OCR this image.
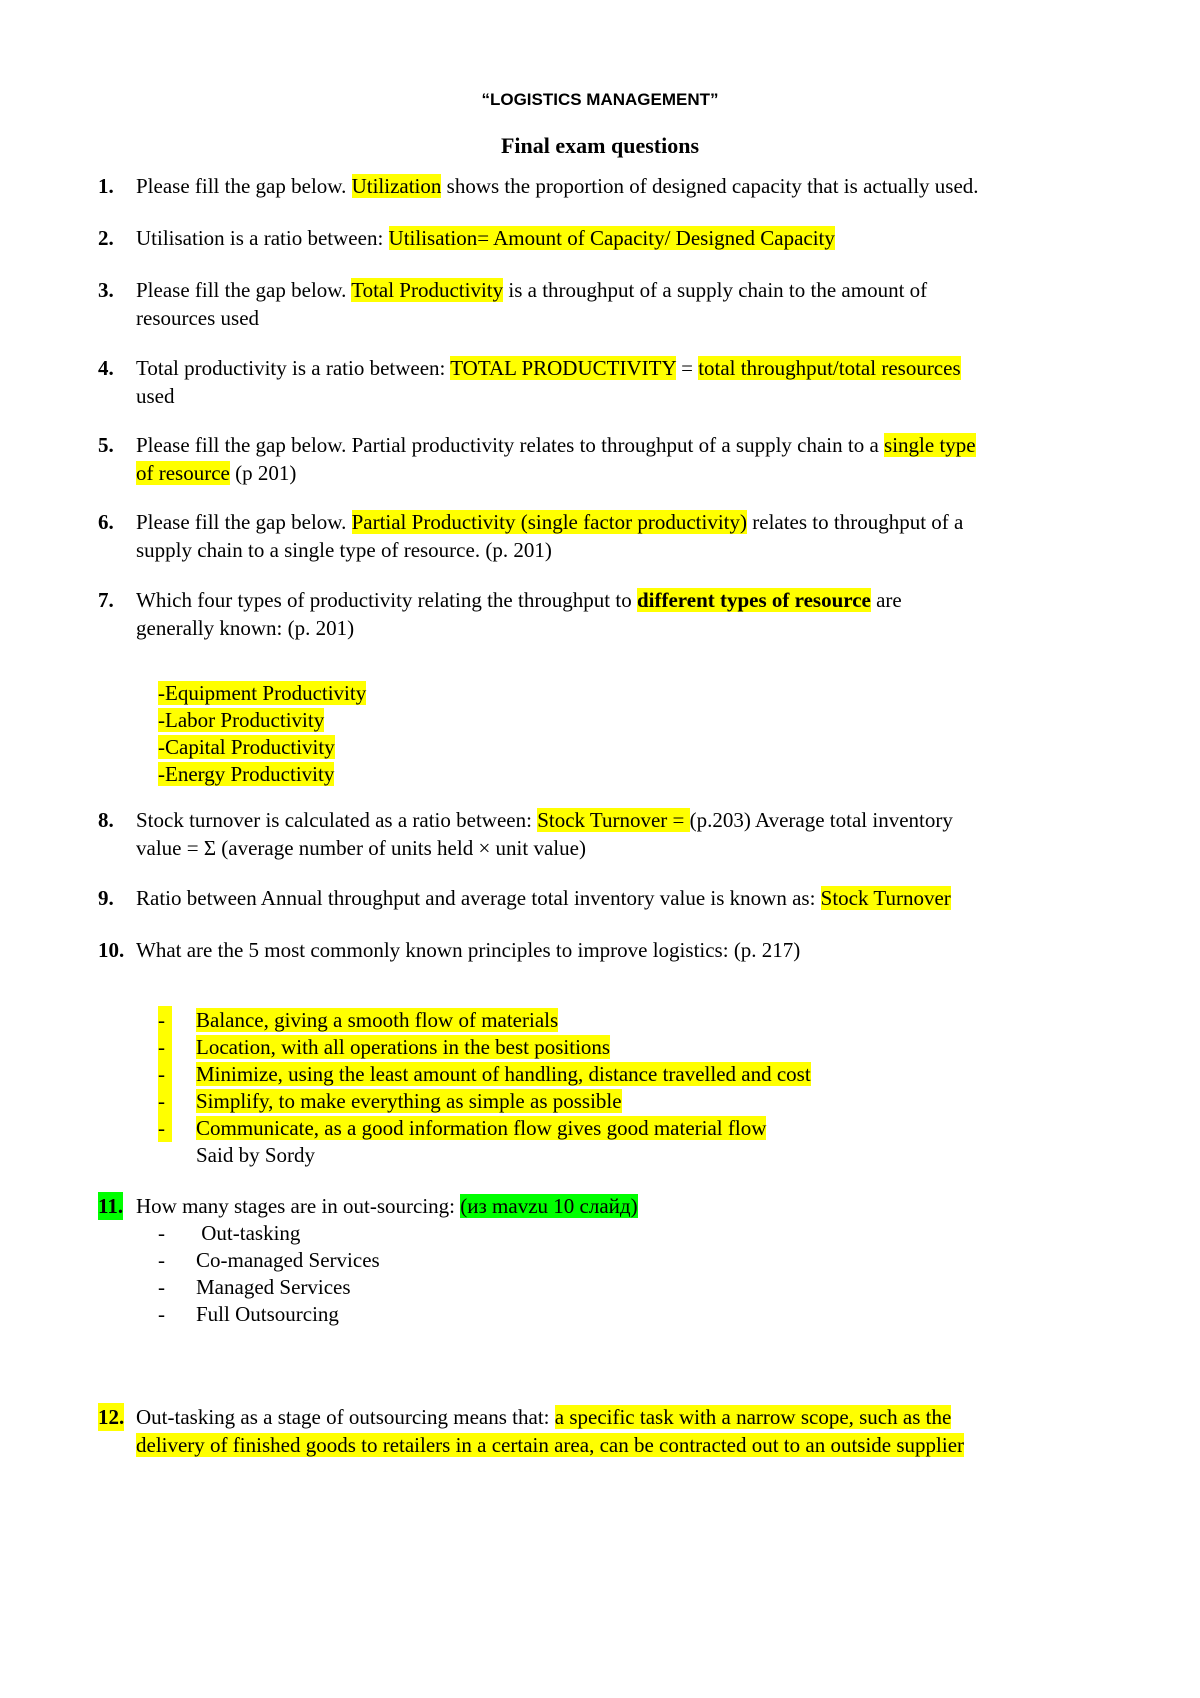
“LOGISTICS MANAGEMENT”
Final exam questions
1. Please fill the gap below. Utilization shows the proportion of designed capacity that is actually used.
2. Utilisation is a ratio between: Utilisation= Amount of Capacity/ Designed Capacity
3. Please fill the gap below. Total Productivity is a throughput of a supply chain to the amount of
resources used
4. Total productivity is a ratio between: TOTAL PRODUCTIVITY = total throughput/total resources
used
5. Please fill the gap below. Partial productivity relates to throughput of a supply chain to a single type
of resource (p 201)
6. Please fill the gap below. Partial Productivity (single factor productivity) relates to throughput of a
supply chain to a single type of resource. (p. 201)
7. Which four types of productivity relating the throughput to different types of resource are
generally known: (p. 201)
-Equipment Productivity
-Labor Productivity
-Capital Productivity
-Energy Productivity
8. Stock turnover is calculated as a ratio between: Stock Turnover = (p.203) Average total inventory
value = Σ (average number of units held × unit value)
9. Ratio between Annual throughput and average total inventory value is known as: Stock Turnover
10. What are the 5 most commonly known principles to improve logistics: (p. 217)
- Balance, giving a smooth flow of materials
- Location, with all operations in the best positions
- Minimize, using the least amount of handling, distance travelled and cost
- Simplify, to make everything as simple as possible
- Communicate, as a good information flow gives good material flow
Said by Sordy
11. How many stages are in out-sourcing: (из mavzu 10 слайд)
- Out-tasking
- Co-managed Services
- Managed Services
- Full Outsourcing
12. Out-tasking as a stage of outsourcing means that: a specific task with a narrow scope, such as the
delivery of finished goods to retailers in a certain area, can be contracted out to an outside supplier
